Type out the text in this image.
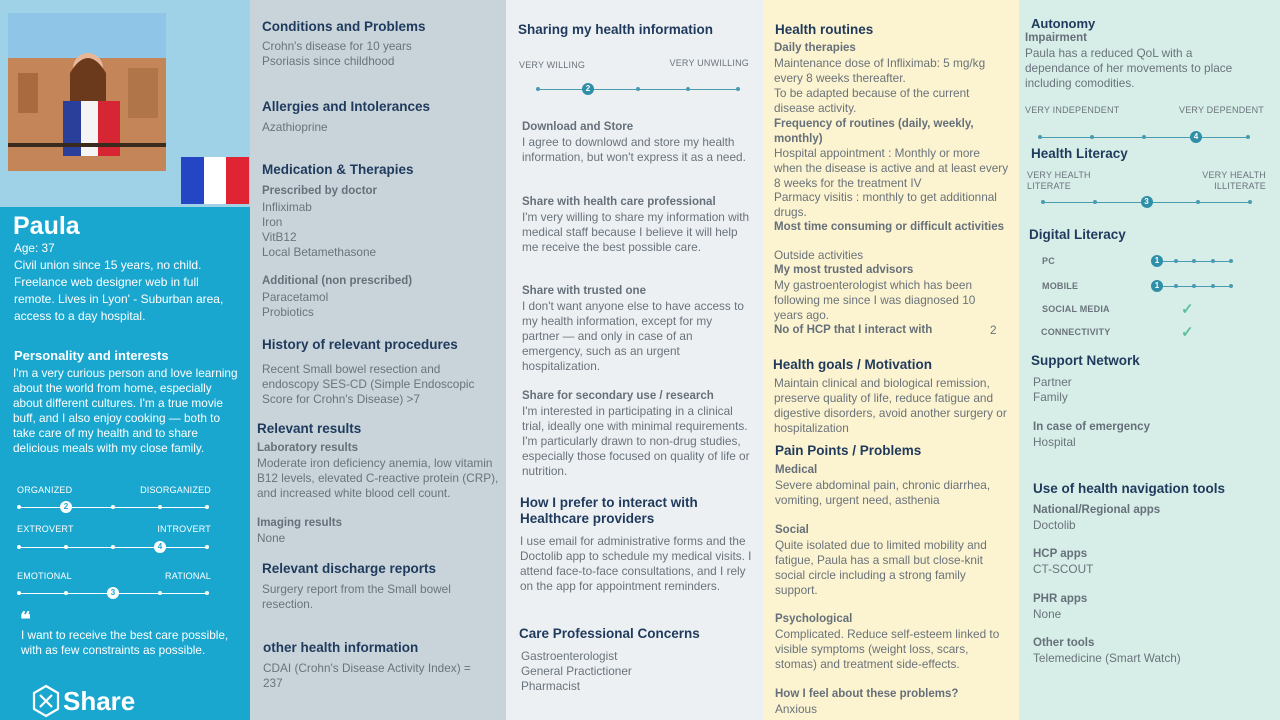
Paula
Age: 37
Civil union since 15 years, no child. Freelance web designer web in full remote. Lives in Lyon' - Suburban area, access to a day hospital.
Personality and interests
I'm a very curious person and love learning about the world from home, especially about different cultures. I'm a true movie buff, and I also enjoy cooking — both to take care of my health and to share delicious meals with my close family.
ORGANIZED	DISORGANIZED
2
EXTROVERT	INTROVERT
4
EMOTIONAL	RATIONAL
3
❝
I want to receive the best care possible, with as few constraints as possible.
Share
Conditions and Problems
Crohn's disease for 10 years
Psoriasis since childhood
Allergies and Intolerances
Azathioprine
Medication & Therapies
Prescribed by doctor
Infliximab
Iron
VitB12
Local Betamethasone
Additional (non prescribed)
Paracetamol
Probiotics
History of relevant procedures
Recent Small bowel resection and endoscopy SES-CD (Simple Endoscopic Score for Crohn's Disease) >7
Relevant results
Laboratory results
Moderate iron deficiency anemia, low vitamin B12 levels, elevated C-reactive protein (CRP), and increased white blood cell count.
Imaging results
None
Relevant discharge reports
Surgery report from the Small bowel resection.
other health information
CDAI (Crohn's Disease Activity Index) = 237
Sharing my health information
VERY WILLING	VERY UNWILLING
2
Download and Store
I agree to downlowd and store my health information, but won't express it as a need.
Share with health care professional
I'm very willing to share my information with medical staff because I believe it will help me receive the best possible care.
Share with trusted one
I don't want anyone else to have access to my health information, except for my partner — and only in case of an emergency, such as an urgent hospitalization.
Share for secondary use / research
I'm interested in participating in a clinical trial, ideally one with minimal requirements. I'm particularly drawn to non-drug studies, especially those focused on quality of life or nutrition.
How I prefer to interact with Healthcare providers
I use email for administrative forms and the Doctolib app to schedule my medical visits. I attend face-to-face consultations, and I rely on the app for appointment reminders.
Care Professional Concerns
Gastroenterologist
General Practictioner
Pharmacist
Health routines
Daily therapies
Maintenance dose of Infliximab: 5 mg/kg every 8 weeks thereafter.
To be adapted because of the current disease activity.
Frequency of routines (daily, weekly, monthly)
Hospital appointment : Monthly or more when the disease is active and at least every 8 weeks for the treatment IV
Parmacy visitis : monthly to get additionnal drugs.
Most time consuming or difficult activities
Outside activities
My most trusted advisors
My gastroenterologist which has been following me since I was diagnosed 10 years ago.
No of HCP that I interact with	2
Health goals / Motivation
Maintain clinical and biological remission, preserve quality of life, reduce fatigue and digestive disorders, avoid another surgery or hospitalization
Pain Points / Problems
Medical
Severe abdominal pain, chronic diarrhea, vomiting, urgent need, asthenia
Social
Quite isolated due to limited mobility and fatigue, Paula has a small but close-knit social circle including a strong family support.
Psychological
Complicated. Reduce self-esteem linked to visible symptoms (weight loss, scars, stomas) and treatment side-effects.
How I feel about these problems?
Anxious
Autonomy
Impairment
Paula has a reduced QoL with a dependance of her movements to place including comodities.
VERY INDEPENDENT	VERY DEPENDENT
4
Health Literacy
VERY HEALTH LITERATE
VERY HEALTH ILLITERATE
3
Digital Literacy
PC	1
MOBILE	1
SOCIAL MEDIA	✓
CONNECTIVITY	✓
Support Network
Partner
Family
In case of emergency
Hospital
Use of health navigation tools
National/Regional apps
Doctolib
HCP apps
CT-SCOUT
PHR apps
None
Other tools
Telemedicine (Smart Watch)
